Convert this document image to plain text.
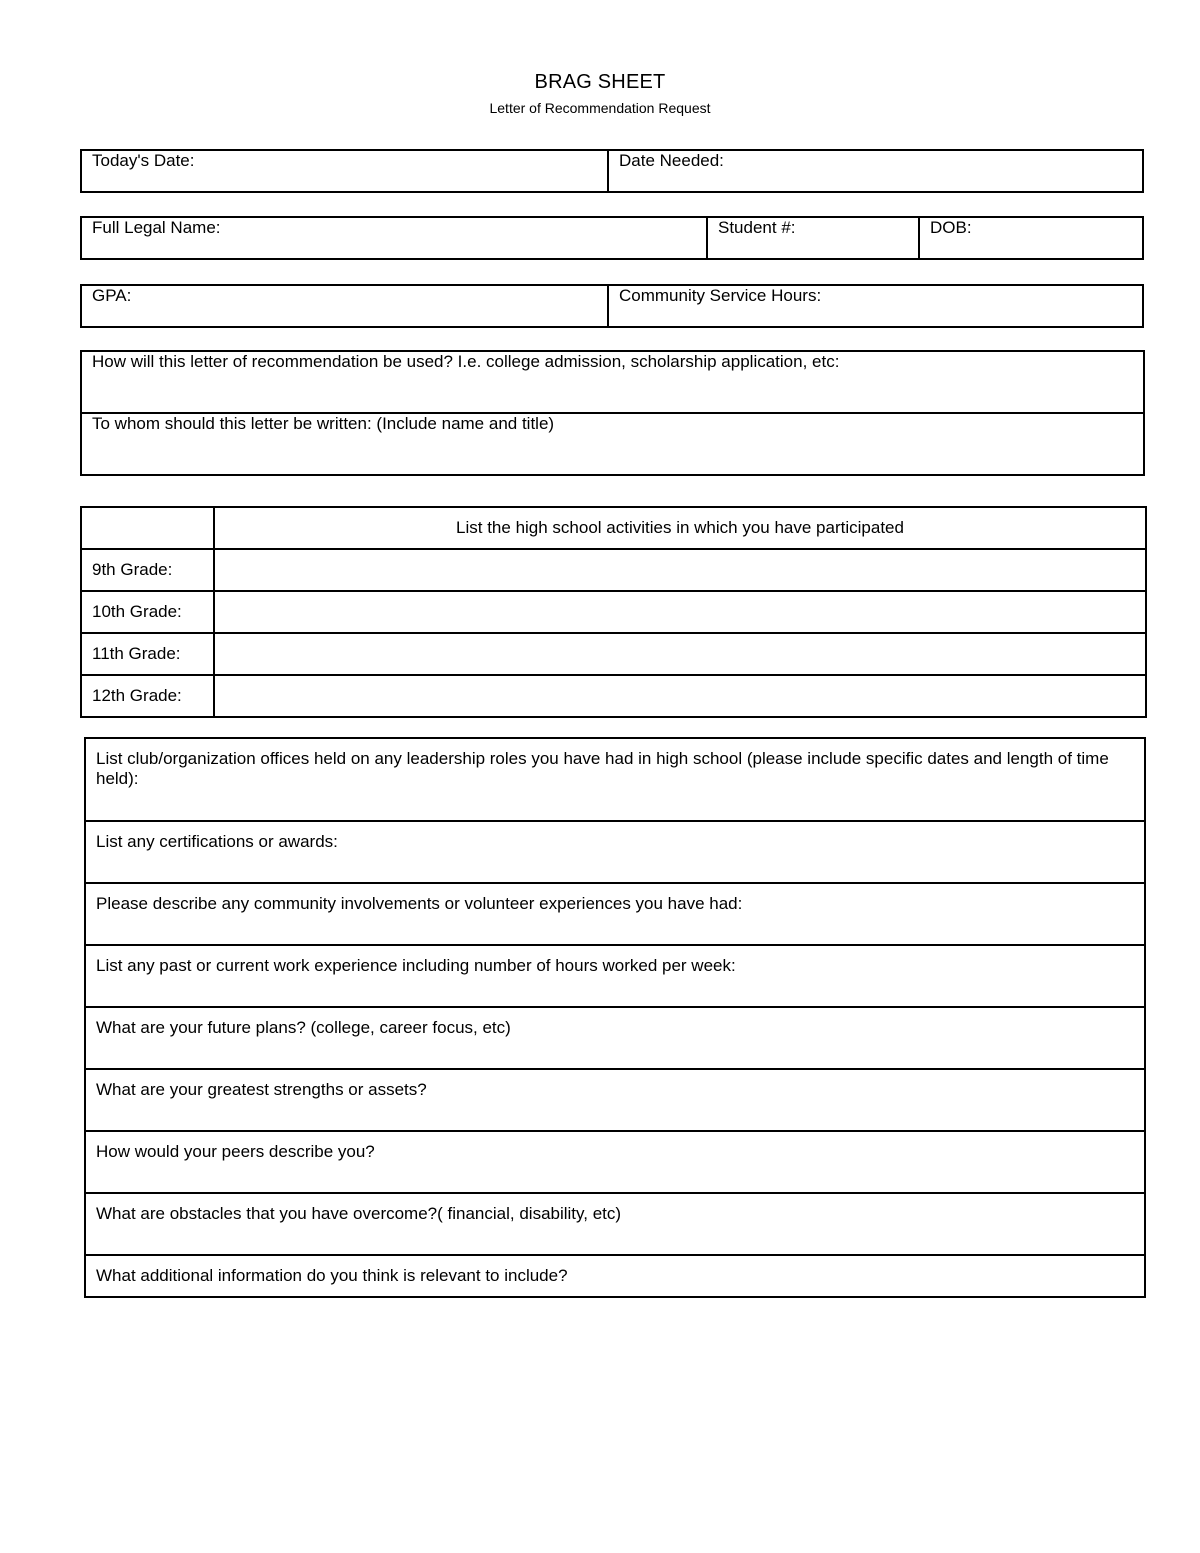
BRAG SHEET
Letter of Recommendation Request
Today's Date:	Date Needed:
Full Legal Name:	Student #:	DOB:
GPA:	Community Service Hours:
How will this letter of recommendation be used? I.e. college admission, scholarship application, etc:
To whom should this letter be written: (Include name and title)
	List the high school activities in which you have participated
9th Grade:	
10th Grade:	
11th Grade:	
12th Grade:	
List club/organization offices held on any leadership roles you have had in high school (please include specific dates and length of time held):
List any certifications or awards:
Please describe any community involvements or volunteer experiences you have had:
List any past or current work experience including number of hours worked per week:
What are your future plans? (college, career focus, etc)
What are your greatest strengths or assets?
How would your peers describe you?
What are obstacles that you have overcome?( financial, disability, etc)
What additional information do you think is relevant to include?
